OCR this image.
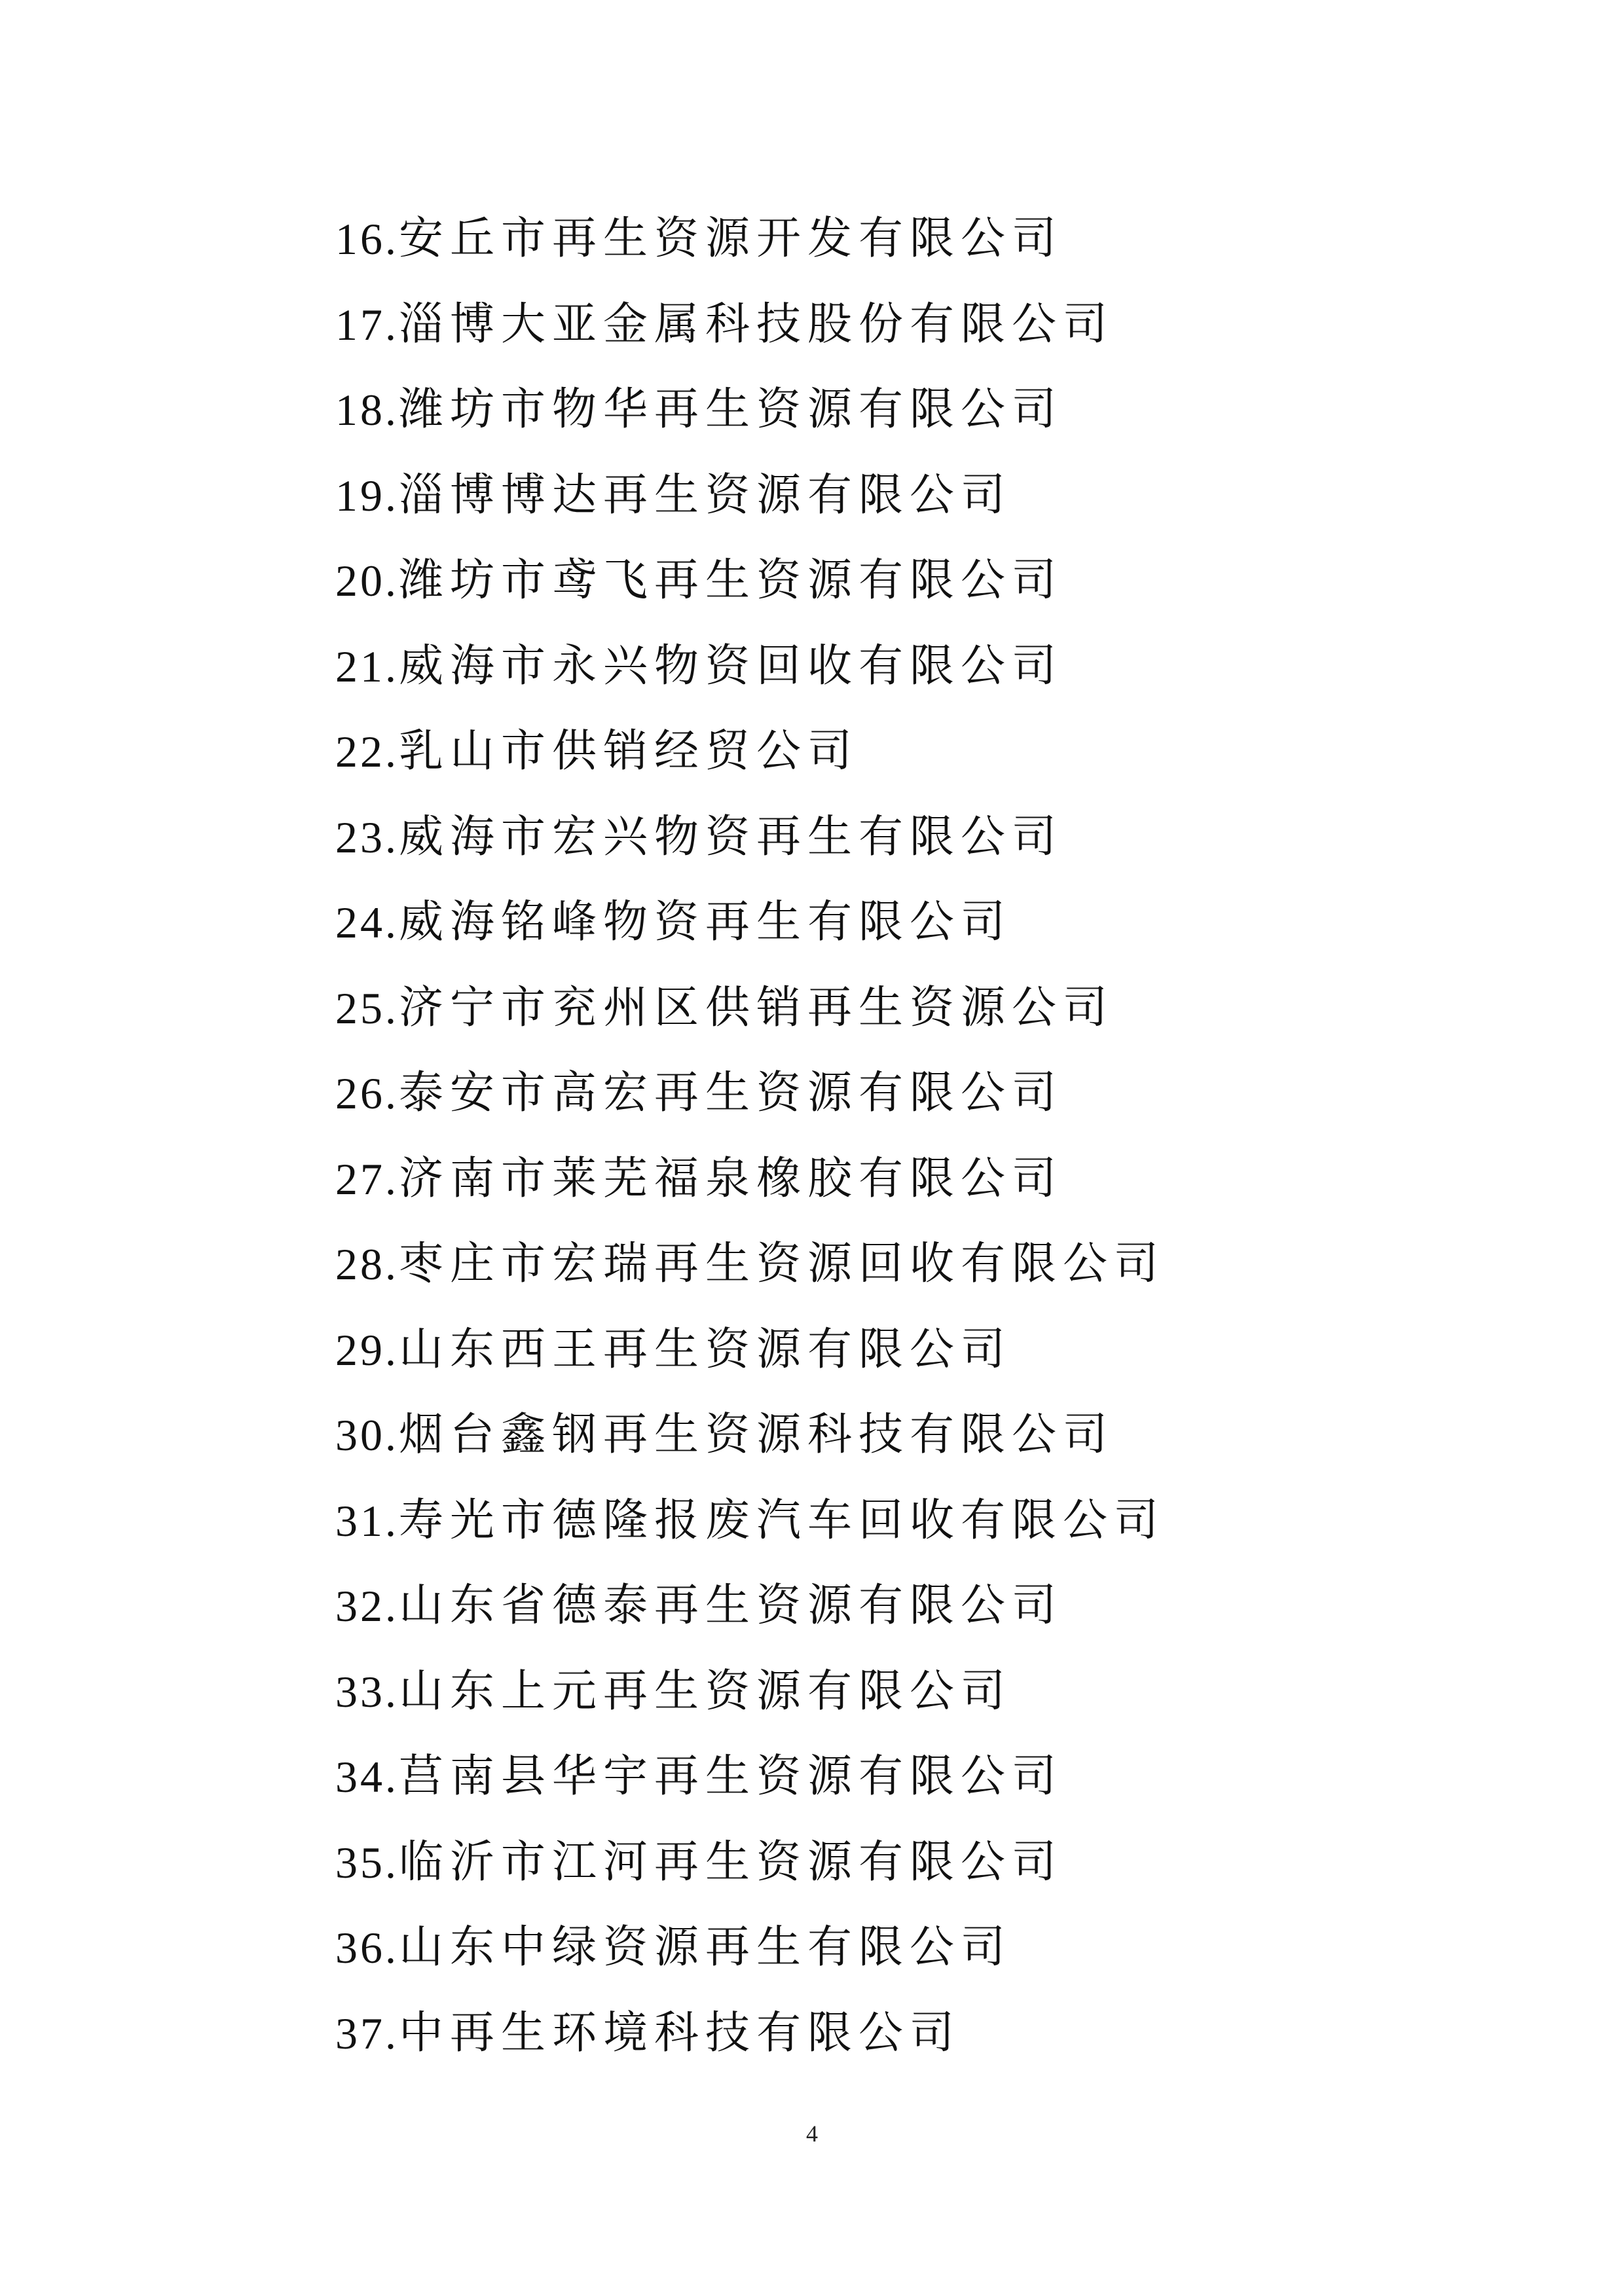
16. 安丘市再生资源开发有限公司
17. 淄博大亚金属科技股份有限公司
18. 潍坊市物华再生资源有限公司
19. 淄博博达再生资源有限公司
20. 潍坊市鸢飞再生资源有限公司
21. 威海市永兴物资回收有限公司
22. 乳山市供销经贸公司
23. 威海市宏兴物资再生有限公司
24. 威海铭峰物资再生有限公司
25. 济宁市兖州区供销再生资源公司
26. 泰安市高宏再生资源有限公司
27. 济南市莱芜福泉橡胶有限公司
28. 枣庄市宏瑞再生资源回收有限公司
29. 山东西王再生资源有限公司
30. 烟台鑫钢再生资源科技有限公司
31. 寿光市德隆报废汽车回收有限公司
32. 山东省德泰再生资源有限公司
33. 山东上元再生资源有限公司
34. 莒南县华宇再生资源有限公司
35. 临沂市江河再生资源有限公司
36. 山东中绿资源再生有限公司
37. 中再生环境科技有限公司
4
